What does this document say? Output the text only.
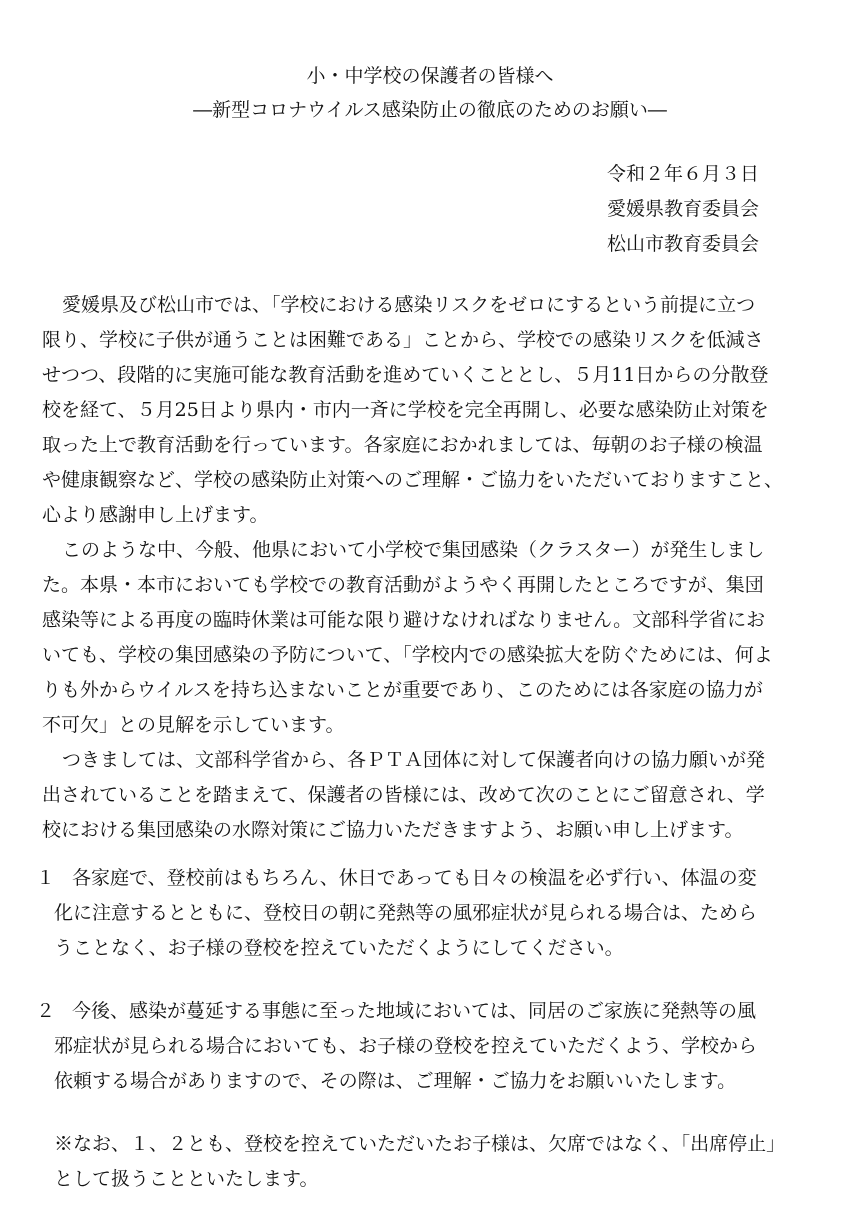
小・中学校の保護者の皆様へ
―新型コロナウイルス感染防止の徹底のためのお願い―
令和２年６月３日
愛媛県教育委員会
松山市教育委員会
愛媛県及び松山市では、「学校における感染リスクをゼロにするという前提に立つ
限り、学校に子供が通うことは困難である」ことから、学校での感染リスクを低減さ
せつつ、段階的に実施可能な教育活動を進めていくこととし、５月11日からの分散登
校を経て、５月25日より県内・市内一斉に学校を完全再開し、必要な感染防止対策を
取った上で教育活動を行っています。各家庭におかれましては、毎朝のお子様の検温
や健康観察など、学校の感染防止対策へのご理解・ご協力をいただいておりますこと、
心より感謝申し上げます。
このような中、今般、他県において小学校で集団感染（クラスター）が発生しまし
た。本県・本市においても学校での教育活動がようやく再開したところですが、集団
感染等による再度の臨時休業は可能な限り避けなければなりません。文部科学省にお
いても、学校の集団感染の予防について、「学校内での感染拡大を防ぐためには、何よ
りも外からウイルスを持ち込まないことが重要であり、このためには各家庭の協力が
不可欠」との見解を示しています。
つきましては、文部科学省から、各ＰＴＡ団体に対して保護者向けの協力願いが発
出されていることを踏まえて、保護者の皆様には、改めて次のことにご留意され、学
校における集団感染の水際対策にご協力いただきますよう、お願い申し上げます。
１ 各家庭で、登校前はもちろん、休日であっても日々の検温を必ず行い、体温の変
化に注意するとともに、登校日の朝に発熱等の風邪症状が見られる場合は、ためら
うことなく、お子様の登校を控えていただくようにしてください。
２ 今後、感染が蔓延する事態に至った地域においては、同居のご家族に発熱等の風
邪症状が見られる場合においても、お子様の登校を控えていただくよう、学校から
依頼する場合がありますので、その際は、ご理解・ご協力をお願いいたします。
※なお、１、２とも、登校を控えていただいたお子様は、欠席ではなく、「出席停止」
として扱うことといたします。
